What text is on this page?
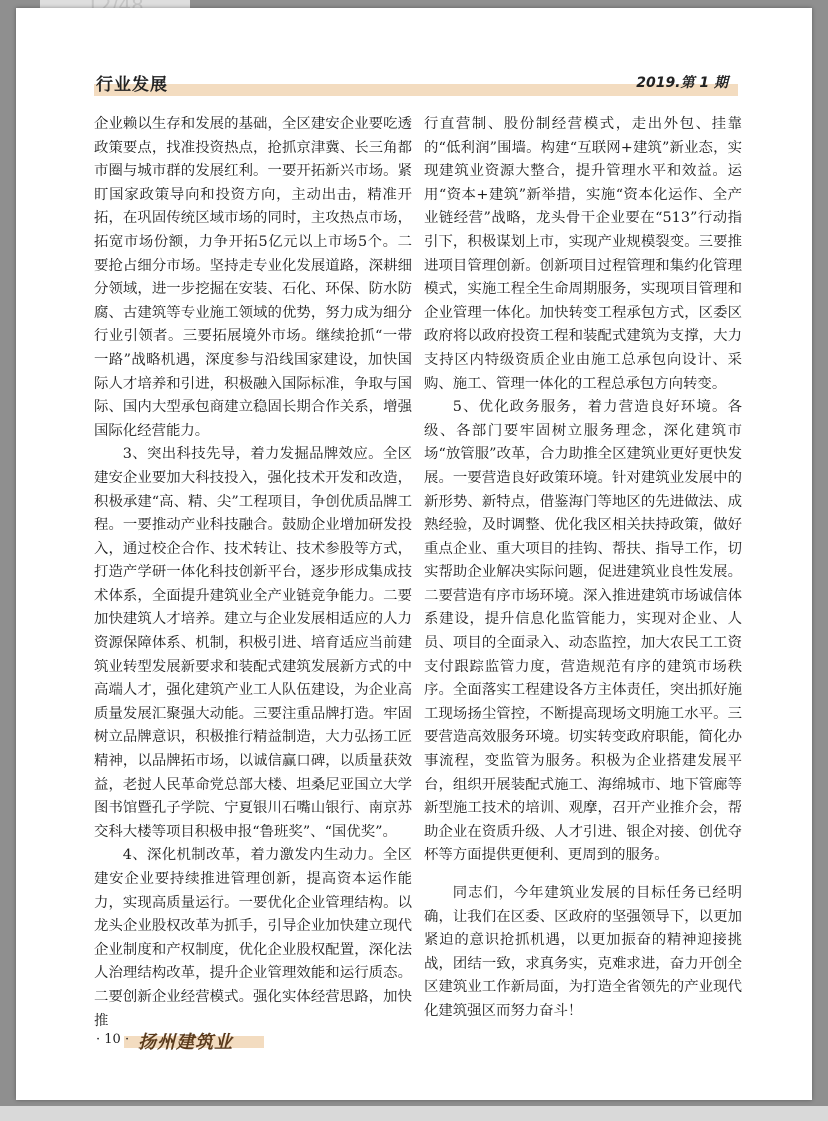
行业发展	2019.第 1 期

企业赖以生存和发展的基础，全区建安企业要吃透政策要点，找准投资热点，抢抓京津冀、长三角都市圈与城市群的发展红利。一要开拓新兴市场。紧盯国家政策导向和投资方向，主动出击，精准开拓，在巩固传统区域市场的同时，主攻热点市场，拓宽市场份额，力争开拓5亿元以上市场5个。二要抢占细分市场。坚持走专业化发展道路，深耕细分领域，进一步挖掘在安装、石化、环保、防水防腐、古建筑等专业施工领域的优势，努力成为细分行业引领者。三要拓展境外市场。继续抢抓“一带一路”战略机遇，深度参与沿线国家建设，加快国际人才培养和引进，积极融入国际标准，争取与国际、国内大型承包商建立稳固长期合作关系，增强国际化经营能力。

3、突出科技先导，着力发掘品牌效应。全区建安企业要加大科技投入，强化技术开发和改造，积极承建“高、精、尖”工程项目，争创优质品牌工程。一要推动产业科技融合。鼓励企业增加研发投入，通过校企合作、技术转让、技术参股等方式，打造产学研一体化科技创新平台，逐步形成集成技术体系，全面提升建筑业全产业链竞争能力。二要加快建筑人才培养。建立与企业发展相适应的人力资源保障体系、机制，积极引进、培育适应当前建筑业转型发展新要求和装配式建筑发展新方式的中高端人才，强化建筑产业工人队伍建设，为企业高质量发展汇聚强大动能。三要注重品牌打造。牢固树立品牌意识，积极推行精益制造，大力弘扬工匠精神，以品牌拓市场，以诚信赢口碑，以质量获效益，老挝人民革命党总部大楼、坦桑尼亚国立大学图书馆暨孔子学院、宁夏银川石嘴山银行、南京苏交科大楼等项目积极申报“鲁班奖”、“国优奖”。

4、深化机制改革，着力激发内生动力。全区建安企业要持续推进管理创新，提高资本运作能力，实现高质量运行。一要优化企业管理结构。以龙头企业股权改革为抓手，引导企业加快建立现代企业制度和产权制度，优化企业股权配置，深化法人治理结构改革，提升企业管理效能和运行质态。二要创新企业经营模式。强化实体经营思路，加快推

行直营制、股份制经营模式，走出外包、挂靠的“低利润”围墙。构建“互联网+建筑”新业态，实现建筑业资源大整合，提升管理水平和效益。运用“资本+建筑”新举措，实施“资本化运作、全产业链经营”战略，龙头骨干企业要在“513”行动指引下，积极谋划上市，实现产业规模裂变。三要推进项目管理创新。创新项目过程管理和集约化管理模式，实施工程全生命周期服务，实现项目管理和企业管理一体化。加快转变工程承包方式，区委区政府将以政府投资工程和装配式建筑为支撑，大力支持区内特级资质企业由施工总承包向设计、采购、施工、管理一体化的工程总承包方向转变。

5、优化政务服务，着力营造良好环境。各级、各部门要牢固树立服务理念，深化建筑市场“放管服”改革，合力助推全区建筑业更好更快发展。一要营造良好政策环境。针对建筑业发展中的新形势、新特点，借鉴海门等地区的先进做法、成熟经验，及时调整、优化我区相关扶持政策，做好重点企业、重大项目的挂钩、帮扶、指导工作，切实帮助企业解决实际问题，促进建筑业良性发展。二要营造有序市场环境。深入推进建筑市场诚信体系建设，提升信息化监管能力，实现对企业、人员、项目的全面录入、动态监控，加大农民工工资支付跟踪监管力度，营造规范有序的建筑市场秩序。全面落实工程建设各方主体责任，突出抓好施工现场扬尘管控，不断提高现场文明施工水平。三要营造高效服务环境。切实转变政府职能，简化办事流程，变监管为服务。积极为企业搭建发展平台，组织开展装配式施工、海绵城市、地下管廊等新型施工技术的培训、观摩，召开产业推介会，帮助企业在资质升级、人才引进、银企对接、创优夺杯等方面提供更便利、更周到的服务。

同志们，今年建筑业发展的目标任务已经明确，让我们在区委、区政府的坚强领导下，以更加紧迫的意识抢抓机遇，以更加振奋的精神迎接挑战，团结一致，求真务实，克难求进，奋力开创全区建筑业工作新局面，为打造全省领先的产业现代化建筑强区而努力奋斗！

· 10 · 扬州建筑业
